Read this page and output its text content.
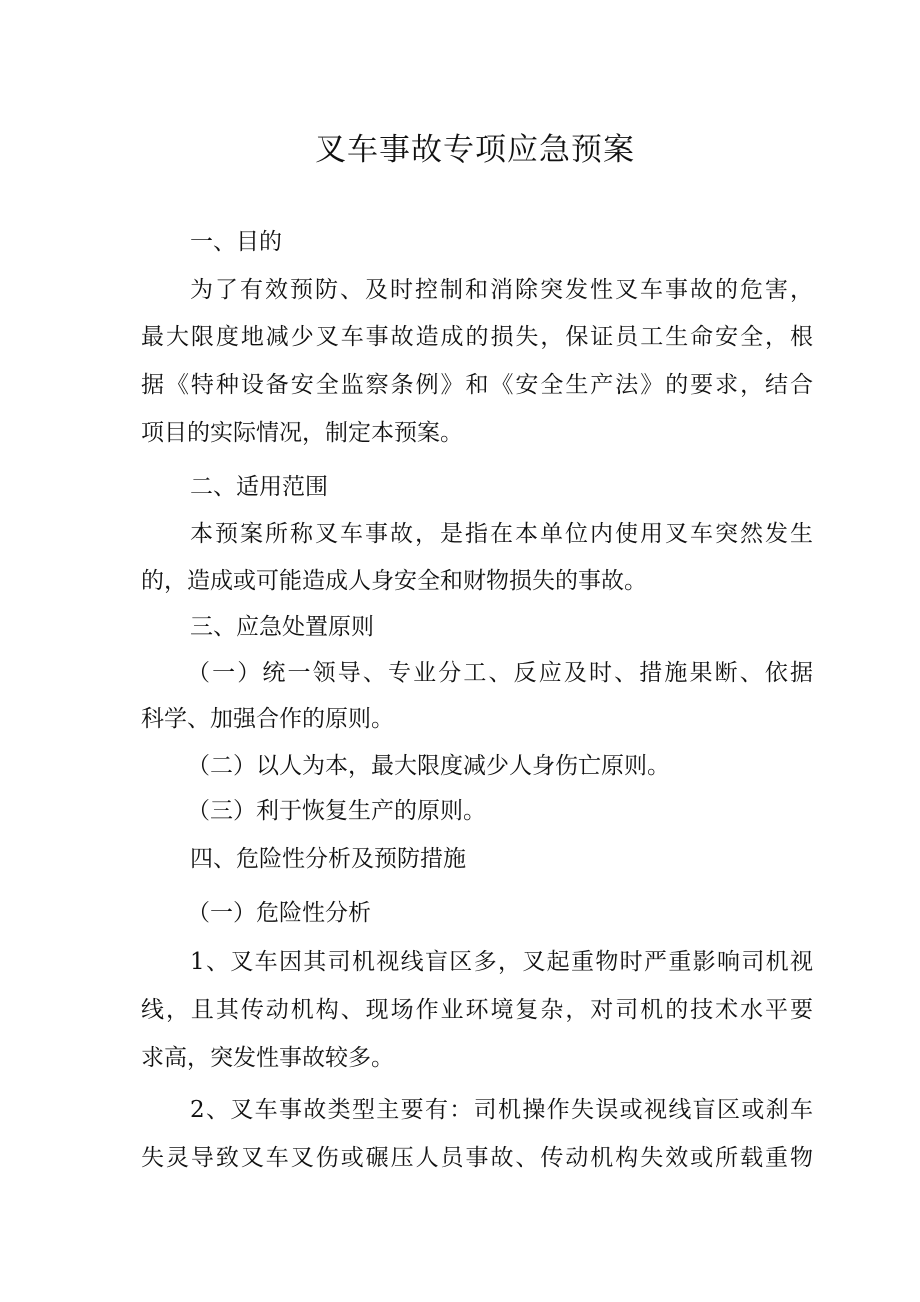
叉车事故专项应急预案
一、目的
为了有效预防、及时控制和消除突发性叉车事故的危害，
最大限度地减少叉车事故造成的损失，保证员工生命安全，根
据《特种设备安全监察条例》和《安全生产法》的要求，结合
项目的实际情况，制定本预案。
二、适用范围
本预案所称叉车事故，是指在本单位内使用叉车突然发生
的，造成或可能造成人身安全和财物损失的事故。
三、应急处置原则
（一）统一领导、专业分工、反应及时、措施果断、依据
科学、加强合作的原则。
（二）以人为本，最大限度减少人身伤亡原则。
（三）利于恢复生产的原则。
四、危险性分析及预防措施
（一）危险性分析
1、叉车因其司机视线盲区多，叉起重物时严重影响司机视
线，且其传动机构、现场作业环境复杂，对司机的技术水平要
求高，突发性事故较多。
2、叉车事故类型主要有：司机操作失误或视线盲区或刹车
失灵导致叉车叉伤或碾压人员事故、传动机构失效或所载重物
